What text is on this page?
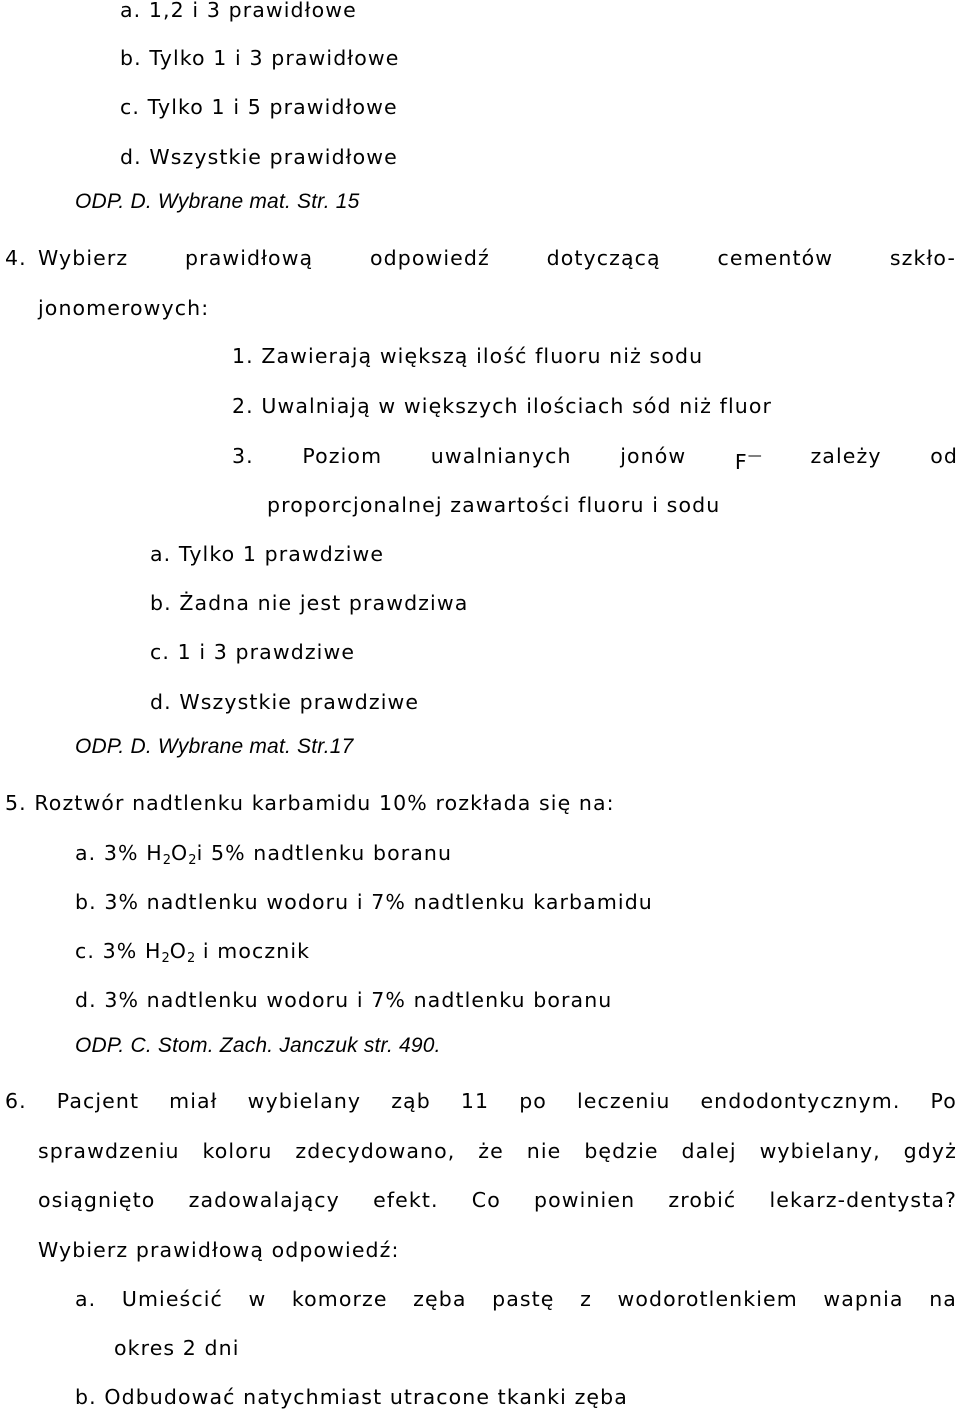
a. 1,2 i 3 prawidłowe
b. Tylko 1 i 3 prawidłowe
c. Tylko 1 i 5 prawidłowe
d. Wszystkie prawidłowe
ODP. D. Wybrane mat. Str. 15
4. Wybierz	prawidłową	odpowiedź	dotyczącą	cementów	szkło-
jonomerowych:
1. Zawierają większą ilość fluoru niż sodu
2. Uwalniają w większych ilościach sód niż fluor
3. Poziom uwalnianych jonów F— zależy od
proporcjonalnej zawartości fluoru i sodu
a. Tylko 1 prawdziwe
b. Żadna nie jest prawdziwa
c. 1 i 3 prawdziwe
d. Wszystkie prawdziwe
ODP. D. Wybrane mat. Str.17
5. Roztwór nadtlenku karbamidu 10% rozkłada się na:
a. 3% $H_2O_2i$ 5% nadtlenku boranu
b. 3% nadtlenku wodoru i 7% nadtlenku karbamidu
c. 3% $H_2O_2$ i mocznik
d. 3% nadtlenku wodoru i 7% nadtlenku boranu
ODP. C. Stom. Zach. Janczuk str. 490.
6. Pacjent miał wybielany ząb 11 po leczeniu endodontycznym. Po
sprawdzeniu koloru zdecydowano, że nie będzie dalej wybielany, gdyż
osiągnięto zadowalający efekt. Co powinien zrobić lekarz-dentysta?
Wybierz prawidłową odpowiedź:
a. Umieścić w komorze zęba pastę z wodorotlenkiem wapnia na
okres 2 dni
b. Odbudować natychmiast utracone tkanki zęba
